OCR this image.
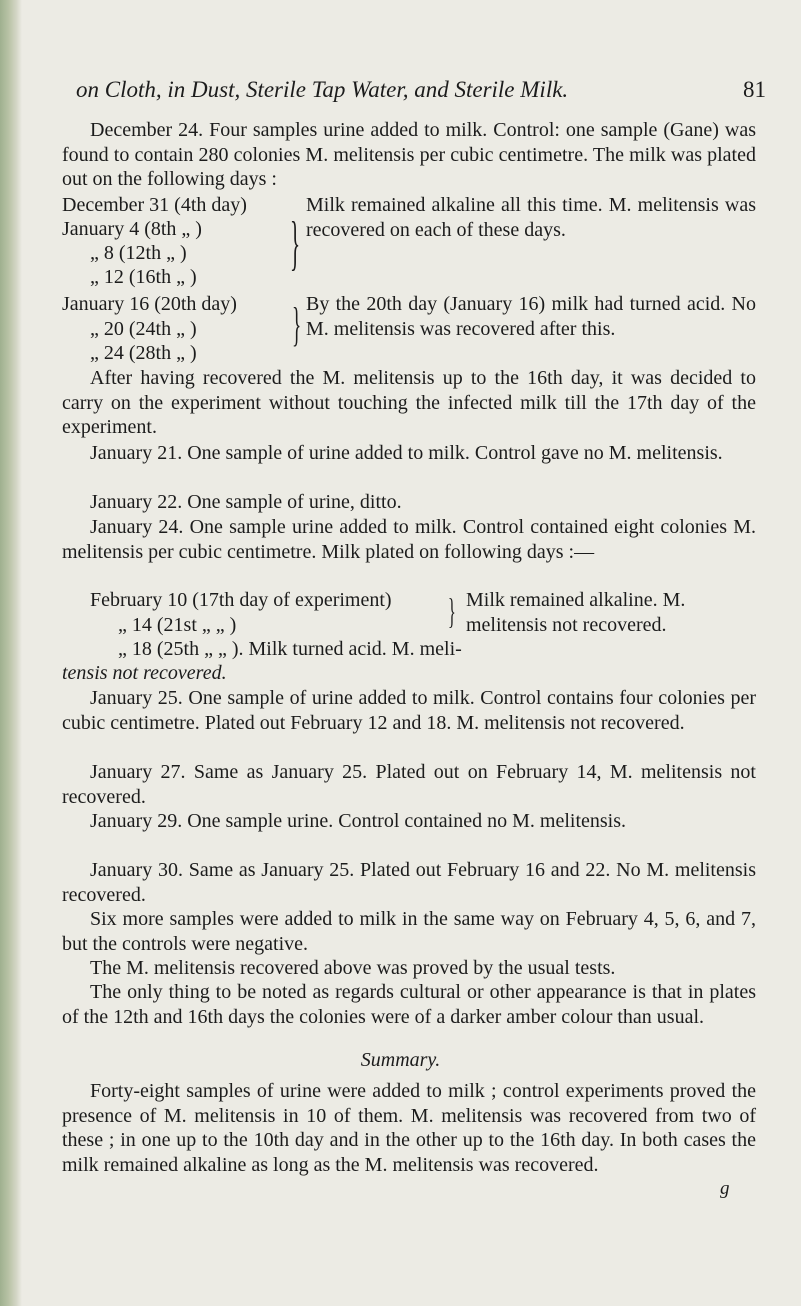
on Cloth, in Dust, Sterile Tap Water, and Sterile Milk.	81
December 24. Four samples urine added to milk. Control: one sample (Gane) was found to contain 280 colonies M. melitensis per cubic centimetre. The milk was plated out on the following days :
December 31 (4th day)
January 4 (8th „ )
„ 8 (12th „ )
„ 12 (16th „ )
}
Milk remained alkaline all this time. M. melitensis was recovered on each of these days.
January 16 (20th day)
„ 20 (24th „ )
„ 24 (28th „ )
} By the 20th day (January 16) milk had turned acid. No M. melitensis was recovered after this.
After having recovered the M. melitensis up to the 16th day, it was decided to carry on the experiment without touching the infected milk till the 17th day of the experiment.
January 21. One sample of urine added to milk. Control gave no M. melitensis.
January 22. One sample of urine, ditto.
January 24. One sample urine added to milk. Control contained eight colonies M. melitensis per cubic centimetre. Milk plated on following days :—
February 10 (17th day of experiment)
„ 14 (21st „ „ )	} Milk remained alkaline. M. melitensis not recovered.
„ 18 (25th „ „ ). Milk turned acid. M. meli-
tensis not recovered.
January 25. One sample of urine added to milk. Control contains four colonies per cubic centimetre. Plated out February 12 and 18. M. melitensis not recovered.
January 27. Same as January 25. Plated out on February 14, M. melitensis not recovered.
January 29. One sample urine. Control contained no M. melitensis.
January 30. Same as January 25. Plated out February 16 and 22. No M. melitensis recovered.
Six more samples were added to milk in the same way on February 4, 5, 6, and 7, but the controls were negative.
The M. melitensis recovered above was proved by the usual tests.
The only thing to be noted as regards cultural or other appearance is that in plates of the 12th and 16th days the colonies were of a darker amber colour than usual.
Summary.
Forty-eight samples of urine were added to milk ; control experiments proved the presence of M. melitensis in 10 of them. M. melitensis was recovered from two of these ; in one up to the 10th day and in the other up to the 16th day. In both cases the milk remained alkaline as long as the M. melitensis was recovered.
g
